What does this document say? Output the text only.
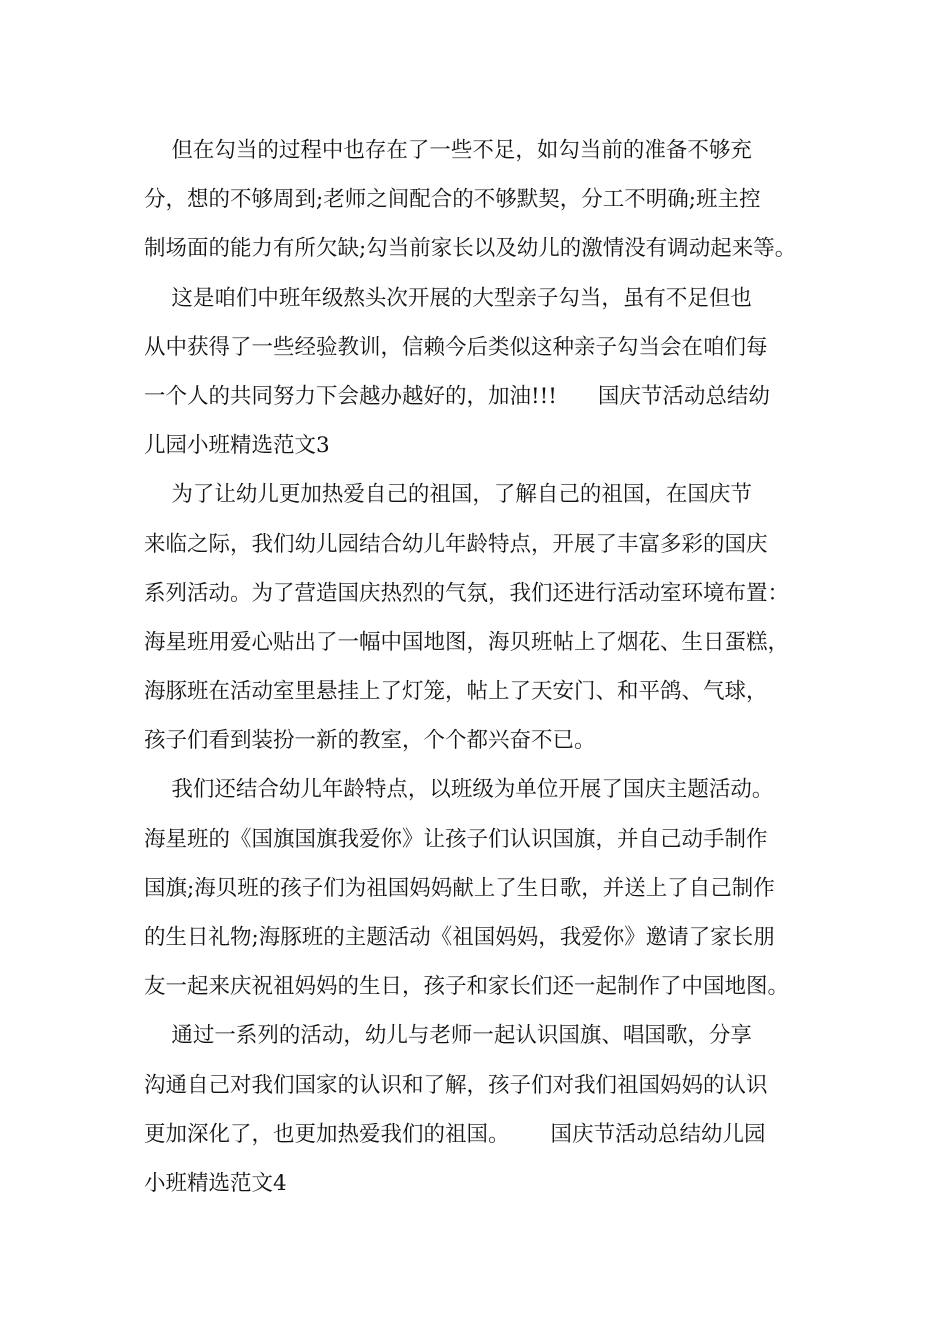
但在勾当的过程中也存在了一些不足，如勾当前的准备不够充
分，想的不够周到;老师之间配合的不够默契，分工不明确;班主控
制场面的能力有所欠缺;勾当前家长以及幼儿的激情没有调动起来等。
这是咱们中班年级熬头次开展的大型亲子勾当，虽有不足但也
从中获得了一些经验教训，信赖今后类似这种亲子勾当会在咱们每
一个人的共同努力下会越办越好的，加油!!!      国庆节活动总结幼
儿园小班精选范文3
为了让幼儿更加热爱自己的祖国，了解自己的祖国，在国庆节
来临之际，我们幼儿园结合幼儿年龄特点，开展了丰富多彩的国庆
系列活动。为了营造国庆热烈的气氛，我们还进行活动室环境布置：
海星班用爱心贴出了一幅中国地图，海贝班帖上了烟花、生日蛋糕，
海豚班在活动室里悬挂上了灯笼，帖上了天安门、和平鸽、气球，
孩子们看到装扮一新的教室，个个都兴奋不已。
我们还结合幼儿年龄特点，以班级为单位开展了国庆主题活动。
海星班的《国旗国旗我爱你》让孩子们认识国旗，并自己动手制作
国旗;海贝班的孩子们为祖国妈妈献上了生日歌，并送上了自己制作
的生日礼物;海豚班的主题活动《祖国妈妈，我爱你》邀请了家长朋
友一起来庆祝祖妈妈的生日，孩子和家长们还一起制作了中国地图。
通过一系列的活动，幼儿与老师一起认识国旗、唱国歌，分享
沟通自己对我们国家的认识和了解，孩子们对我们祖国妈妈的认识
更加深化了，也更加热爱我们的祖国。      国庆节活动总结幼儿园
小班精选范文4
